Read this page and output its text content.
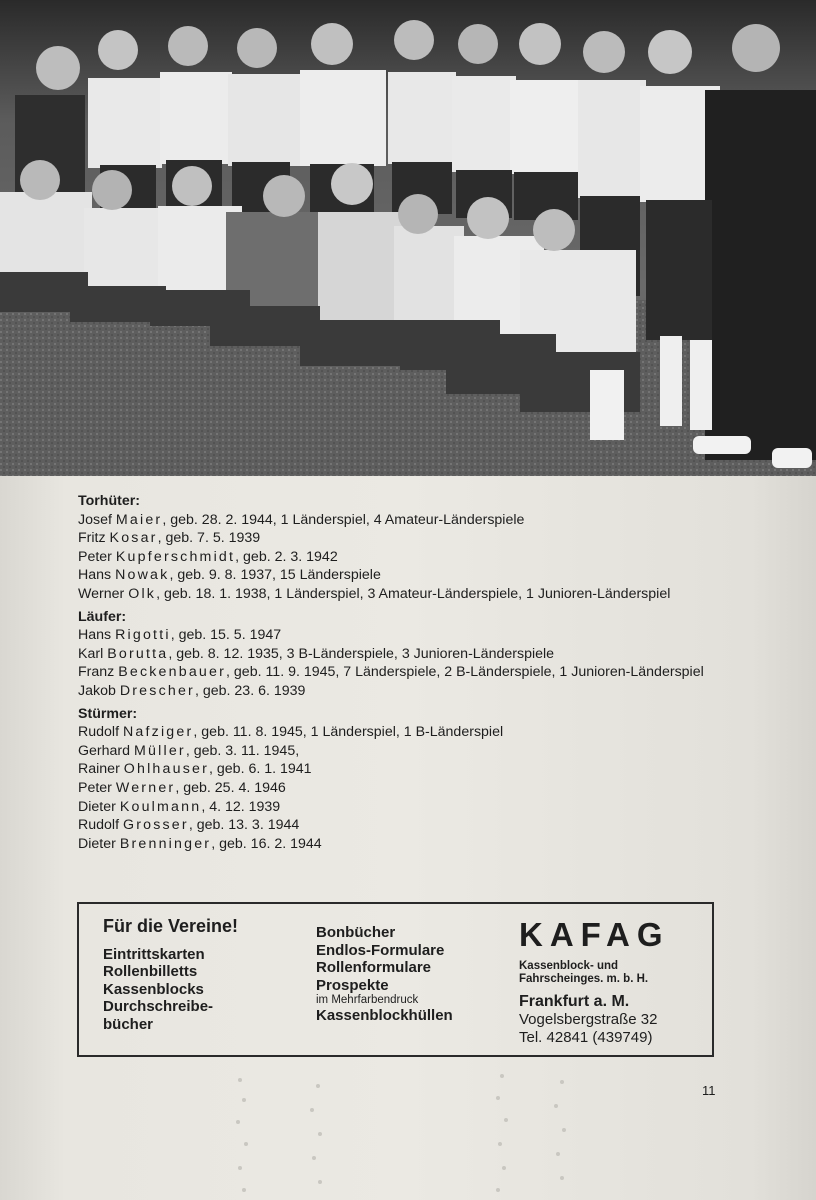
Torhüter:
Josef Maier, geb. 28. 2. 1944, 1 Länderspiel, 4 Amateur-Länderspiele
Fritz Kosar, geb. 7. 5. 1939
Peter Kupferschmidt, geb. 2. 3. 1942
Hans Nowak, geb. 9. 8. 1937, 15 Länderspiele
Werner Olk, geb. 18. 1. 1938, 1 Länderspiel, 3 Amateur-Länderspiele, 1 Junioren-Länderspiel
Läufer:
Hans Rigotti, geb. 15. 5. 1947
Karl Borutta, geb. 8. 12. 1935, 3 B-Länderspiele, 3 Junioren-Länderspiele
Franz Beckenbauer, geb. 11. 9. 1945, 7 Länderspiele, 2 B-Länderspiele, 1 Junioren-Länderspiel
Jakob Drescher, geb. 23. 6. 1939
Stürmer:
Rudolf Nafziger, geb. 11. 8. 1945, 1 Länderspiel, 1 B-Länderspiel
Gerhard Müller, geb. 3. 11. 1945,
Rainer Ohlhauser, geb. 6. 1. 1941
Peter Werner, geb. 25. 4. 1946
Dieter Koulmann, 4. 12. 1939
Rudolf Grosser, geb. 13. 3. 1944
Dieter Brenninger, geb. 16. 2. 1944
Für die Vereine!
Eintrittskarten
Rollenbilletts
Kassenblocks
Durchschreibe-
bücher
Bonbücher
Endlos-Formulare
Rollenformulare
Prospekte
im Mehrfarbendruck
Kassenblockhüllen
KAFAG
Kassenblock- und
Fahrscheinges. m. b. H.
Frankfurt a. M.
Vogelsbergstraße 32
Tel. 42841 (439749)
11
